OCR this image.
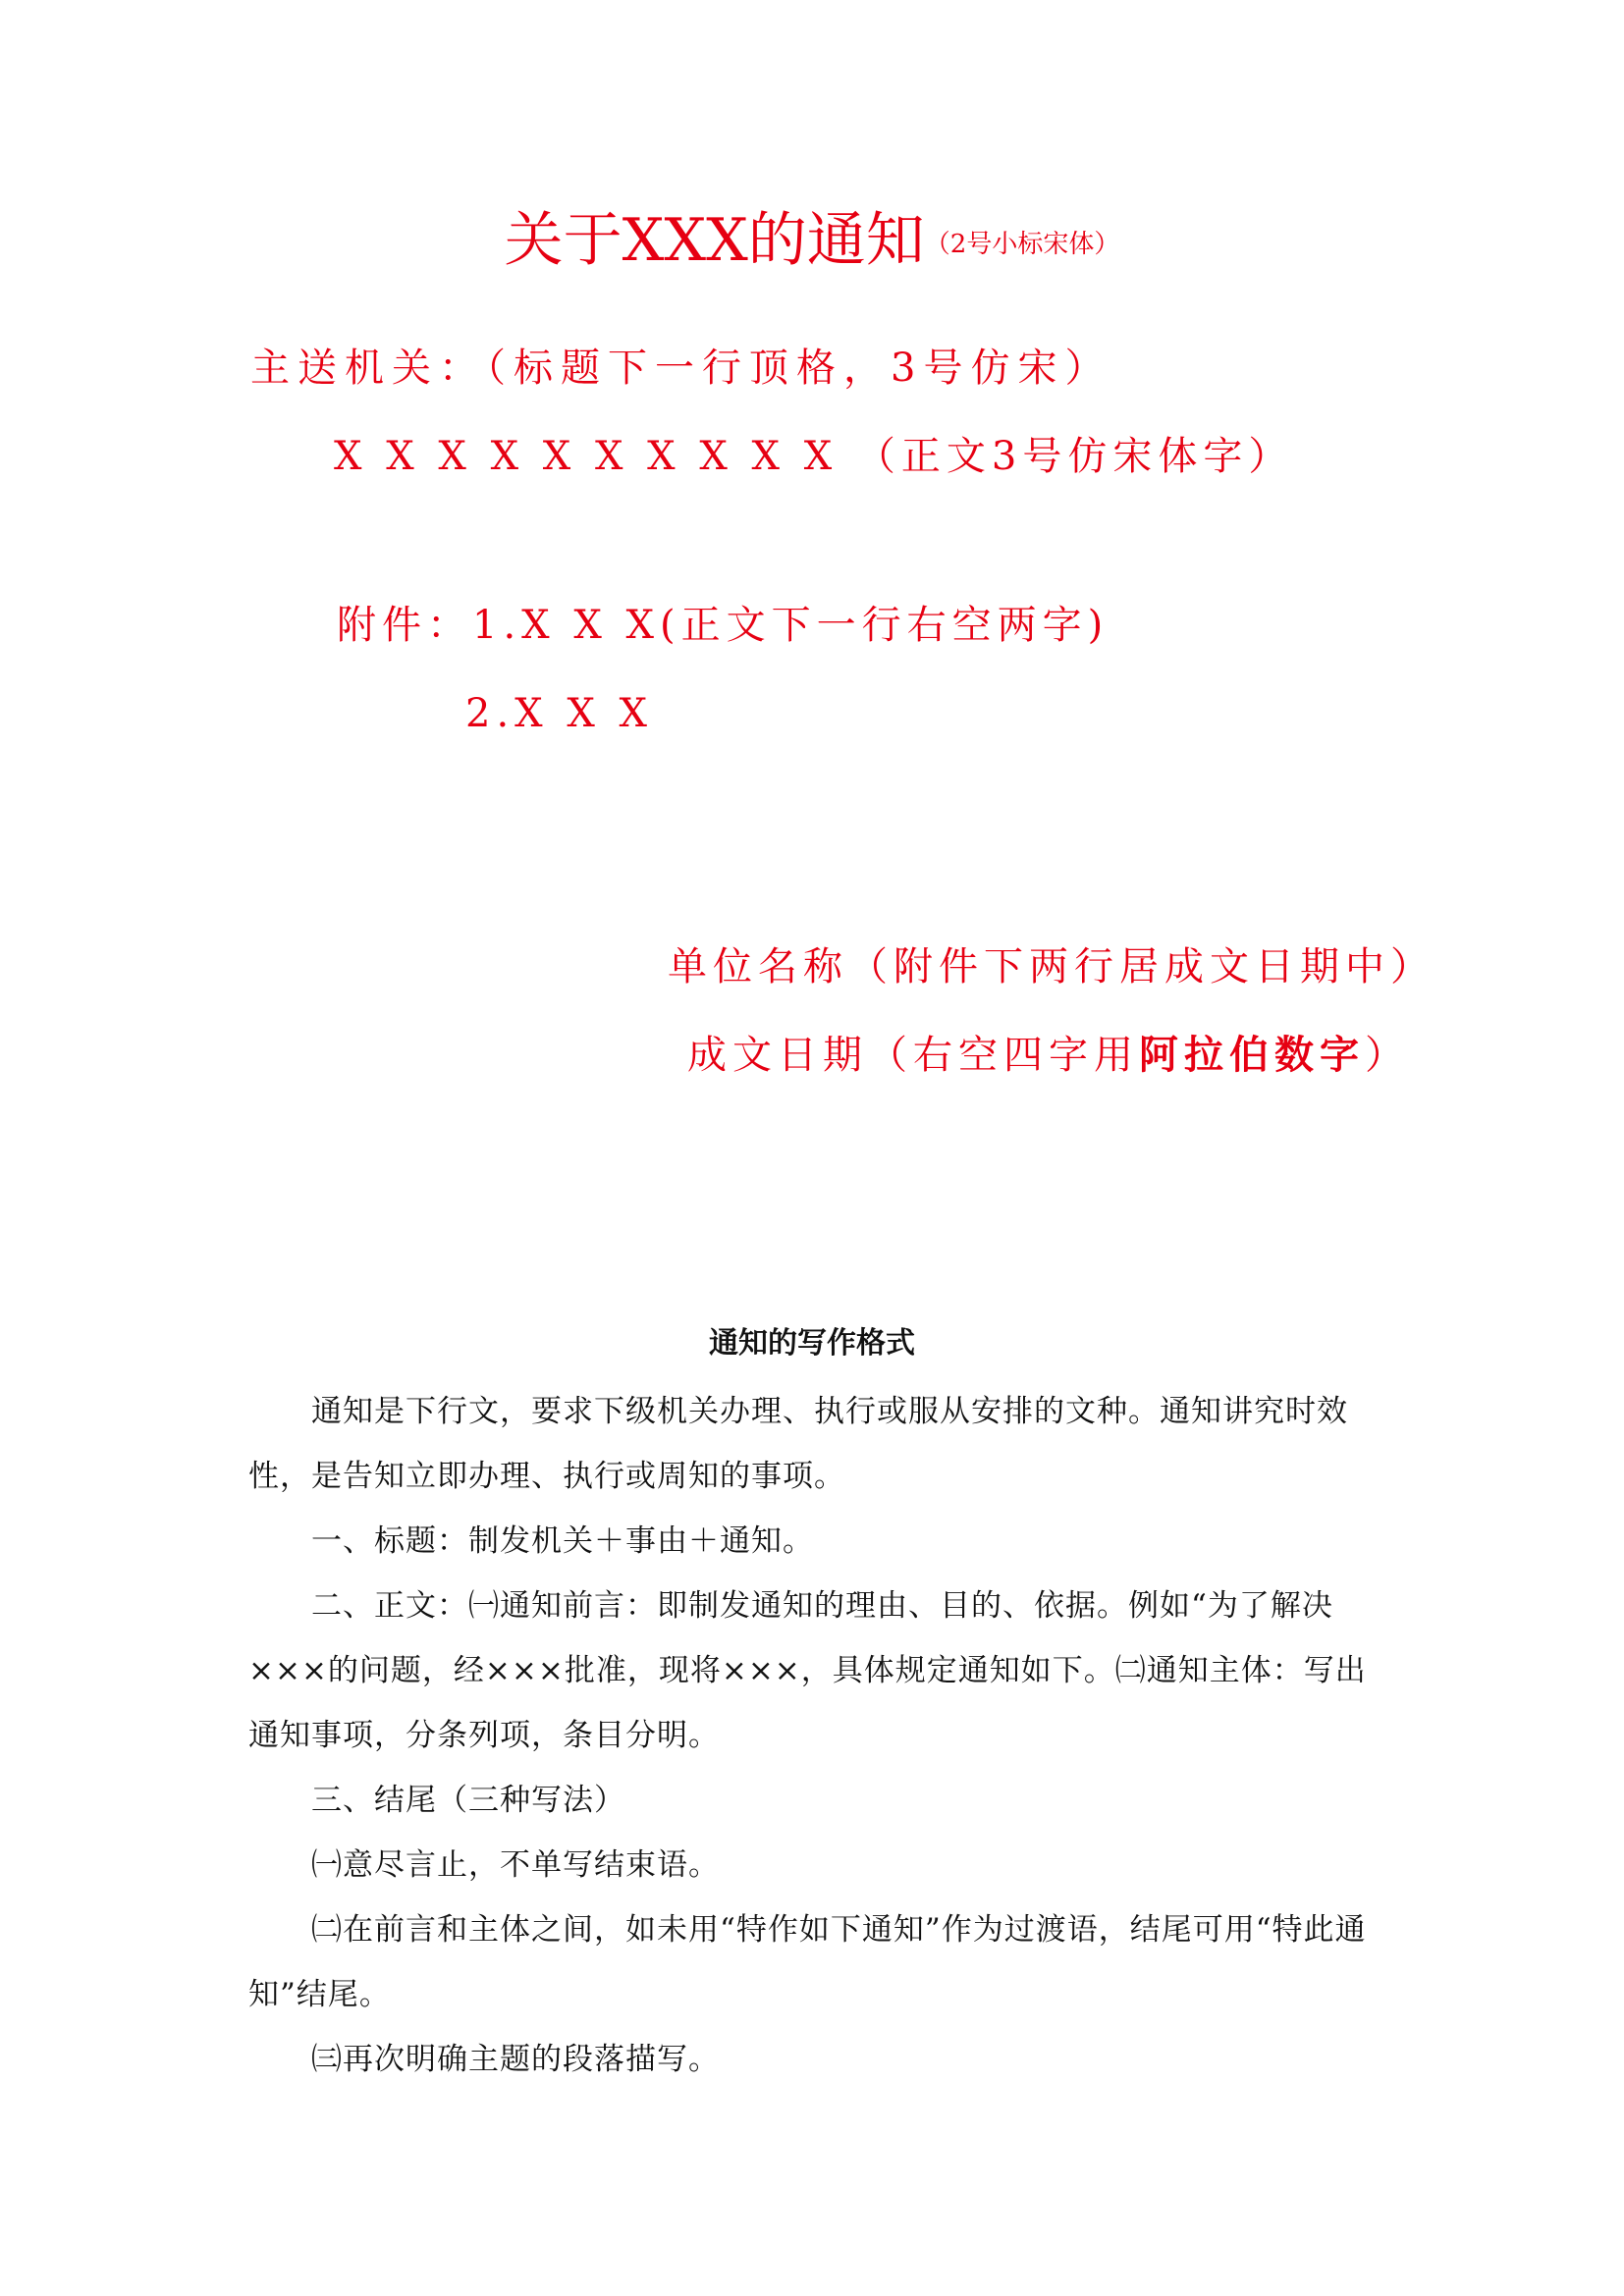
关于XXX的通知（2号小标宋体）
主送机关：（标题下一行顶格，3号仿宋）
X X X X X X X X X X （正文3号仿宋体字）
附件：1.X X X(正文下一行右空两字)
2.X X X
单位名称（附件下两行居成文日期中）
成文日期（右空四字用阿拉伯数字）
通知的写作格式

通知是下行文，要求下级机关办理、执行或服从安排的文种。通知讲究时效性，是告知立即办理、执行或周知的事项。

一、标题：制发机关＋事由＋通知。

二、正文：㈠通知前言：即制发通知的理由、目的、依据。例如“为了解决×××的问题，经×××批准，现将×××，具体规定通知如下。㈡通知主体：写出通知事项，分条列项，条目分明。

三、结尾（三种写法）

㈠意尽言止，不单写结束语。

㈡在前言和主体之间，如未用“特作如下通知”作为过渡语，结尾可用“特此通知”结尾。

㈢再次明确主题的段落描写。
